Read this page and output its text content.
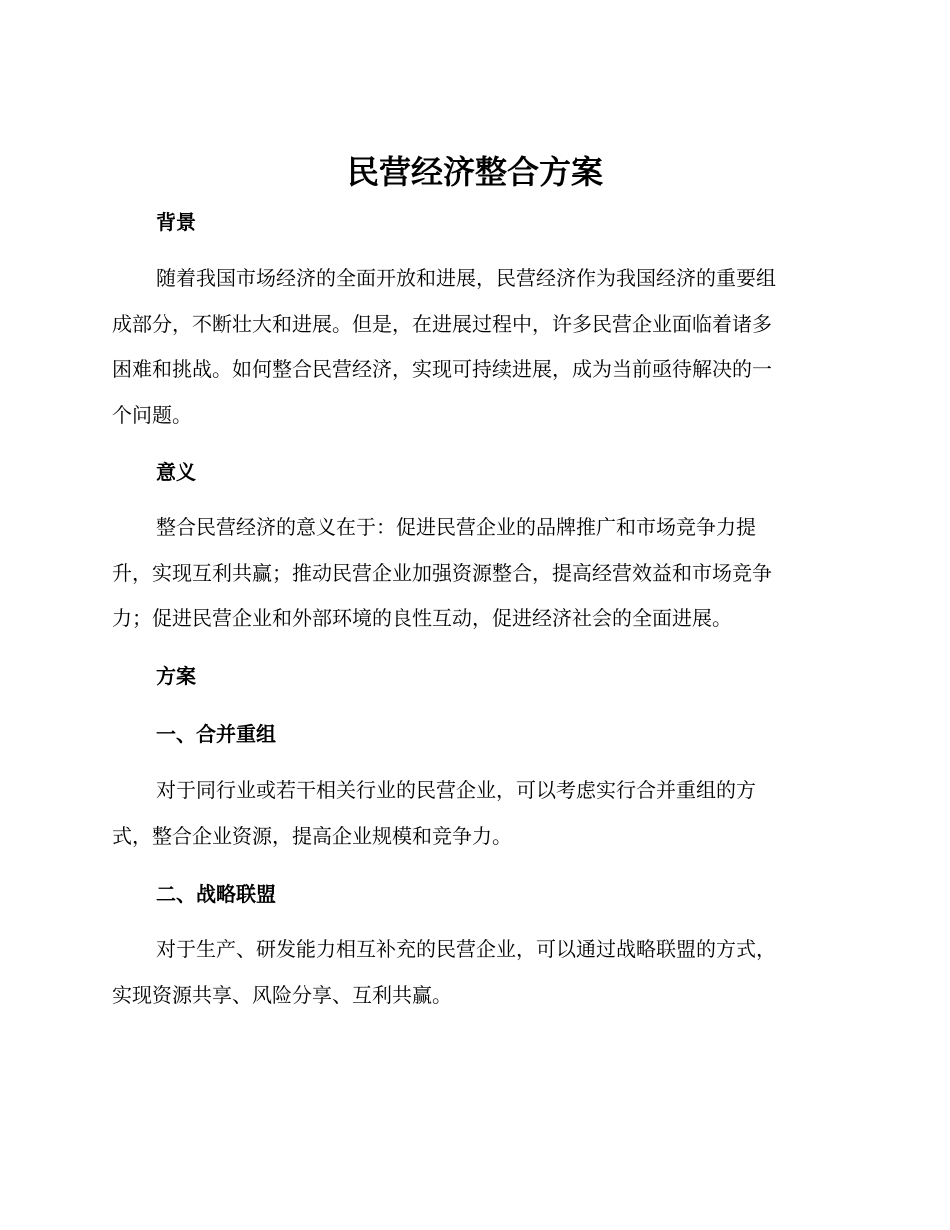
民营经济整合方案
背景
随着我国市场经济的全面开放和进展，民营经济作为我国经济的重要组
成部分，不断壮大和进展。但是，在进展过程中，许多民营企业面临着诸多
困难和挑战。如何整合民营经济，实现可持续进展，成为当前亟待解决的一
个问题。
意义
整合民营经济的意义在于：促进民营企业的品牌推广和市场竞争力提
升，实现互利共赢；推动民营企业加强资源整合，提高经营效益和市场竞争
力；促进民营企业和外部环境的良性互动，促进经济社会的全面进展。
方案
一、合并重组
对于同行业或若干相关行业的民营企业，可以考虑实行合并重组的方
式，整合企业资源，提高企业规模和竞争力。
二、战略联盟
对于生产、研发能力相互补充的民营企业，可以通过战略联盟的方式，
实现资源共享、风险分享、互利共赢。
